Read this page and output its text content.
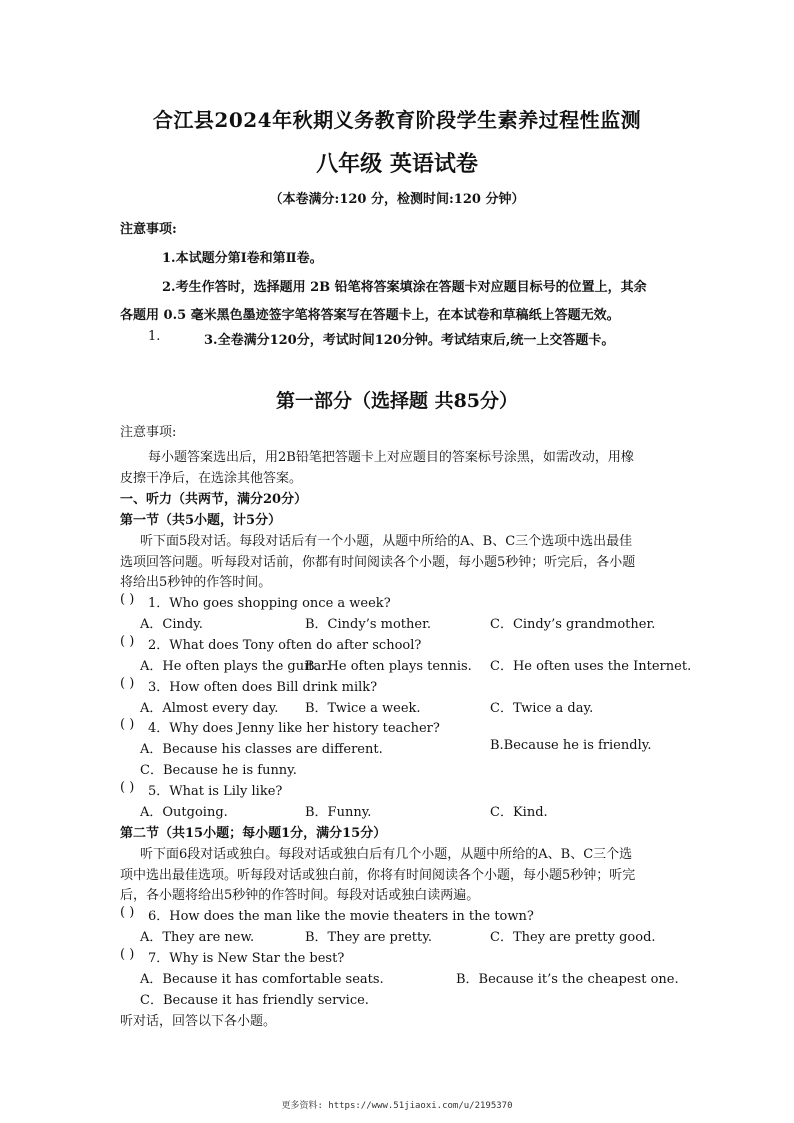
合江县2024年秋期义务教育阶段学生素养过程性监测
八年级 英语试卷
（本卷满分:120 分，检测时间:120 分钟）
注意事项:
1.本试题分第Ⅰ卷和第Ⅱ卷。
2.考生作答时，选择题用 2B 铅笔将答案填涂在答题卡对应题目标号的位置上，其余
各题用 0.5 毫米黑色墨迹签字笔将答案写在答题卡上，在本试卷和草稿纸上答题无效。
1.	3.全卷满分120分，考试时间120分钟。考试结束后,统一上交答题卡。
第一部分（选择题 共85分）
注意事项:
每小题答案选出后，用2B铅笔把答题卡上对应题目的答案标号涂黑，如需改动，用橡
皮擦干净后，在选涂其他答案。
一、听力（共两节，满分20分）
第一节（共5小题，计5分）
听下面5段对话。每段对话后有一个小题，从题中所给的A、B、C三个选项中选出最佳
选项回答问题。听每段对话前，你都有时间阅读各个小题，每小题5秒钟；听完后，各小题
将给出5秒钟的作答时间。
( ) 1．Who goes shopping once a week?
A．Cindy.	B．Cindy’s mother.	C．Cindy’s grandmother.
( ) 2．What does Tony often do after school?
A．He often plays the guitar.
B．He often plays tennis. C．He often uses the Internet.
( ) 3．How often does Bill drink milk?
A．Almost every day. B．Twice a week.	C．Twice a day.
( ) 4．Why does Jenny like her history teacher?
A．Because his classes are different.	B.Because he is friendly.
C．Because he is funny.
( ) 5．What is Lily like?
A．Outgoing.	B．Funny.	C．Kind.
第二节（共15小题；每小题1分，满分15分）
听下面6段对话或独白。每段对话或独白后有几个小题，从题中所给的A、B、C三个选
项中选出最佳选项。听每段对话或独白前，你将有时间阅读各个小题，每小题5秒钟；听完
后，各小题将给出5秒钟的作答时间。每段对话或独白读两遍。
( ) 6．How does the man like the movie theaters in the town?
A．They are new.	B．They are pretty.	C．They are pretty good.
( ) 7．Why is New Star the best?
A．Because it has comfortable seats.	B．Because it’s the cheapest one.
C．Because it has friendly service.
听对话，回答以下各小题。
更多资料: https://www.51jiaoxi.com/u/2195370
